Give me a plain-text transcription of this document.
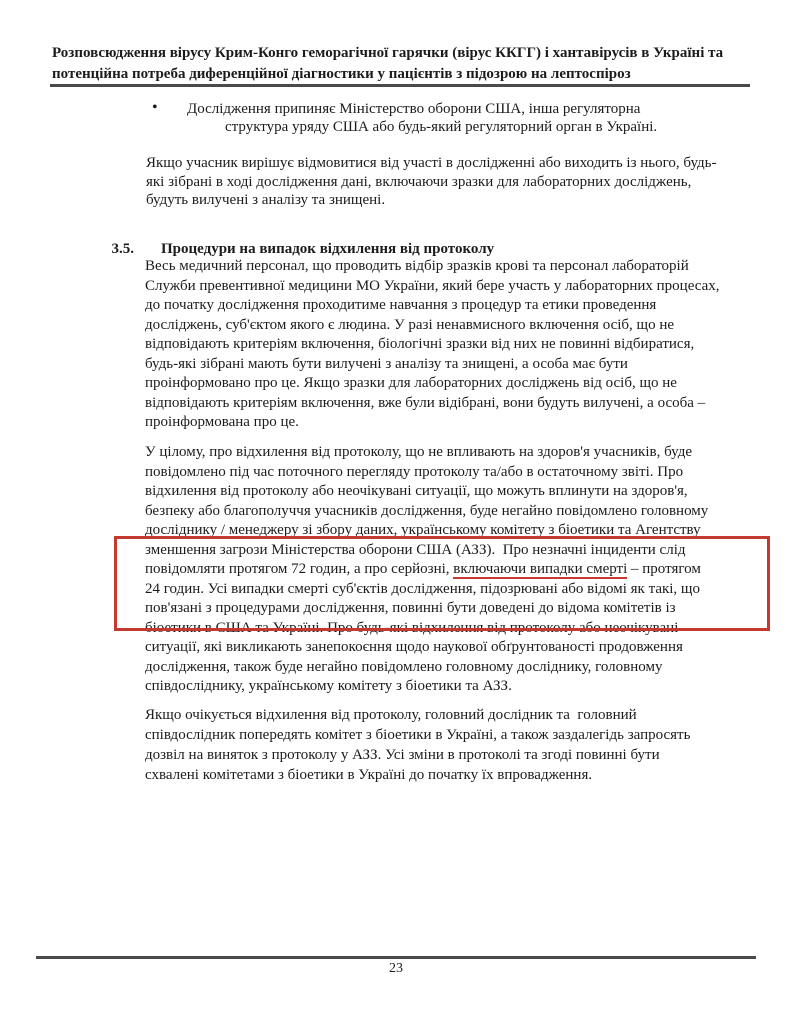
Розповсюдження вірусу Крим-Конго геморагічної гарячки (вірус ККГГ) і хантавірусів в Україні та
потенційна потреба диференційної діагностики у пацієнтів з підозрою на лептоспіроз
• Дослідження припиняє Міністерство оборони США, інша регуляторна
структура уряду США або будь-який регуляторний орган в Україні.
Якщо учасник вирішує відмовитися від участі в дослідженні або виходить із нього, будь-
які зібрані в ході дослідження дані, включаючи зразки для лабораторних досліджень,
будуть вилучені з аналізу та знищені.

3.5. Процедури на випадок відхилення від протоколу

Весь медичний персонал, що проводить відбір зразків крові та персонал лабораторій
Служби превентивної медицини МО України, який бере участь у лабораторних процесах,
до початку дослідження проходитиме навчання з процедур та етики проведення
досліджень, суб'єктом якого є людина. У разі ненавмисного включення осіб, що не
відповідають критеріям включення, біологічні зразки від них не повинні відбиратися,
будь-які зібрані мають бути вилучені з аналізу та знищені, а особа має бути
проінформовано про це. Якщо зразки для лабораторних досліджень від осіб, що не
відповідають критеріям включення, вже були відібрані, вони будуть вилучені, а особа –
проінформована про це.
У цілому, про відхилення від протоколу, що не впливають на здоров'я учасників, буде
повідомлено під час поточного перегляду протоколу та/або в остаточному звіті. Про
відхилення від протоколу або неочікувані ситуації, що можуть вплинути на здоров'я,
безпеку або благополуччя учасників дослідження, буде негайно повідомлено головному
досліднику / менеджеру зі збору даних, українському комітету з біоетики та Агентству
зменшення загрози Міністерства оборони США (АЗЗ).  Про незначні інциденти слід
повідомляти протягом 72 годин, а про серйозні, включаючи випадки смерті – протягом
24 годин. Усі випадки смерті суб'єктів дослідження, підозрювані або відомі як такі, що
пов'язані з процедурами дослідження, повинні бути доведені до відома комітетів із
біоетики в США та Україні. Про будь-які відхилення від протоколу або неочікувані
ситуації, які викликають занепокоєння щодо наукової обґрунтованості продовження
дослідження, також буде негайно повідомлено головному досліднику, головному
співдосліднику, українському комітету з біоетики та АЗЗ.
Якщо очікується відхилення від протоколу, головний дослідник та  головний
співдослідник попередять комітет з біоетики в Україні, а також заздалегідь запросять
дозвіл на виняток з протоколу у АЗЗ. Усі зміни в протоколі та згоді повинні бути
схвалені комітетами з біоетики в Україні до початку їх впровадження.
23
